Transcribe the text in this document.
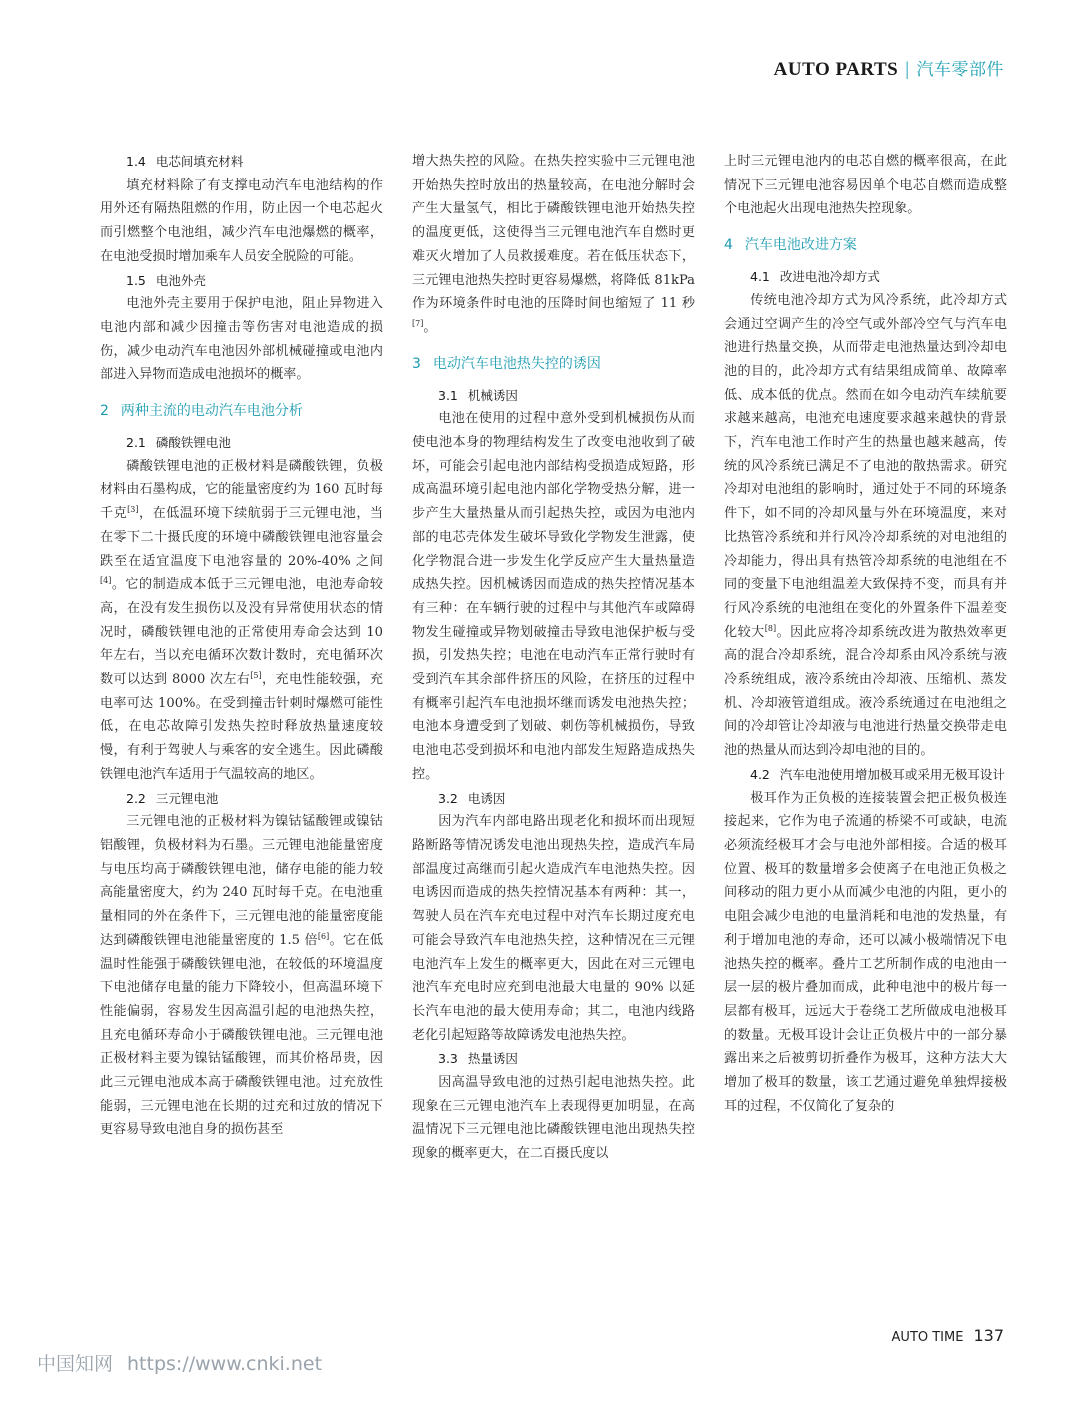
AUTO PARTS | 汽车零部件
1.4 电芯间填充材料

填充材料除了有支撑电动汽车电池结构的作用外还有隔热阻燃的作用，防止因一个电芯起火而引燃整个电池组，减少汽车电池爆燃的概率，在电池受损时增加乘车人员安全脱险的可能。

1.5 电池外壳

电池外壳主要用于保护电池，阻止异物进入电池内部和减少因撞击等伤害对电池造成的损伤，减少电动汽车电池因外部机械碰撞或电池内部进入异物而造成电池损坏的概率。

2 两种主流的电动汽车电池分析
2.1 磷酸铁锂电池

磷酸铁锂电池的正极材料是磷酸铁锂，负极材料由石墨构成，它的能量密度约为 160 瓦时每千克[3]，在低温环境下续航弱于三元锂电池，当在零下二十摄氏度的环境中磷酸铁锂电池容量会跌至在适宜温度下电池容量的 20%-40% 之间[4]。它的制造成本低于三元锂电池，电池寿命较高，在没有发生损伤以及没有异常使用状态的情况时，磷酸铁锂电池的正常使用寿命会达到 10 年左右，当以充电循环次数计数时，充电循环次数可以达到 8000 次左右[5]，充电性能较强，充电率可达 100%。在受到撞击针刺时爆燃可能性低，在电芯故障引发热失控时释放热量速度较慢，有利于驾驶人与乘客的安全逃生。因此磷酸铁锂电池汽车适用于气温较高的地区。

2.2 三元锂电池

三元锂电池的正极材料为镍钴锰酸锂或镍钴铝酸锂，负极材料为石墨。三元锂电池能量密度与电压均高于磷酸铁锂电池，储存电能的能力较高能量密度大，约为 240 瓦时每千克。在电池重量相同的外在条件下，三元锂电池的能量密度能达到磷酸铁锂电池能量密度的 1.5 倍[6]。它在低温时性能强于磷酸铁锂电池，在较低的环境温度下电池储存电量的能力下降较小，但高温环境下性能偏弱，容易发生因高温引起的电池热失控，且充电循环寿命小于磷酸铁锂电池。三元锂电池正极材料主要为镍钴锰酸锂，而其价格昂贵，因此三元锂电池成本高于磷酸铁锂电池。过充放性能弱，三元锂电池在长期的过充和过放的情况下更容易导致电池自身的损伤甚至

增大热失控的风险。在热失控实验中三元锂电池开始热失控时放出的热量较高，在电池分解时会产生大量氢气，相比于磷酸铁锂电池开始热失控的温度更低，这使得当三元锂电池汽车自燃时更难灭火增加了人员救援难度。若在低压状态下，三元锂电池热失控时更容易爆燃，将降低 81kPa 作为环境条件时电池的压降时间也缩短了 11 秒[7]。

3 电动汽车电池热失控的诱因
3.1 机械诱因

电池在使用的过程中意外受到机械损伤从而使电池本身的物理结构发生了改变电池收到了破坏，可能会引起电池内部结构受损造成短路，形成高温环境引起电池内部化学物受热分解，进一步产生大量热量从而引起热失控，或因为电池内部的电芯壳体发生破坏导致化学物发生泄露，使化学物混合进一步发生化学反应产生大量热量造成热失控。因机械诱因而造成的热失控情况基本有三种：在车辆行驶的过程中与其他汽车或障碍物发生碰撞或异物划破撞击导致电池保护板与受损，引发热失控；电池在电动汽车正常行驶时有受到汽车其余部件挤压的风险，在挤压的过程中有概率引起汽车电池损坏继而诱发电池热失控；电池本身遭受到了划破、刺伤等机械损伤，导致电池电芯受到损坏和电池内部发生短路造成热失控。

3.2 电诱因

因为汽车内部电路出现老化和损坏而出现短路断路等情况诱发电池出现热失控，造成汽车局部温度过高继而引起火造成汽车电池热失控。因电诱因而造成的热失控情况基本有两种：其一，驾驶人员在汽车充电过程中对汽车长期过度充电可能会导致汽车电池热失控，这种情况在三元锂电池汽车上发生的概率更大，因此在对三元锂电池汽车充电时应充到电池最大电量的 90% 以延长汽车电池的最大使用寿命；其二，电池内线路老化引起短路等故障诱发电池热失控。

3.3 热量诱因

因高温导致电池的过热引起电池热失控。此现象在三元锂电池汽车上表现得更加明显，在高温情况下三元锂电池比磷酸铁锂电池出现热失控现象的概率更大，在二百摄氏度以

上时三元锂电池内的电芯自燃的概率很高，在此情况下三元锂电池容易因单个电芯自燃而造成整个电池起火出现电池热失控现象。

4 汽车电池改进方案
4.1 改进电池冷却方式

传统电池冷却方式为风冷系统，此冷却方式会通过空调产生的冷空气或外部冷空气与汽车电池进行热量交换，从而带走电池热量达到冷却电池的目的，此冷却方式有结果组成简单、故障率低、成本低的优点。然而在如今电动汽车续航要求越来越高，电池充电速度要求越来越快的背景下，汽车电池工作时产生的热量也越来越高，传统的风冷系统已满足不了电池的散热需求。研究冷却对电池组的影响时，通过处于不同的环境条件下，如不同的冷却风量与外在环境温度，来对比热管冷系统和并行风冷冷却系统的对电池组的冷却能力，得出具有热管冷却系统的电池组在不同的变量下电池组温差大致保持不变，而具有并行风冷系统的电池组在变化的外置条件下温差变化较大[8]。因此应将冷却系统改进为散热效率更高的混合冷却系统，混合冷却系由风冷系统与液冷系统组成，液冷系统由冷却液、压缩机、蒸发机、冷却液管道组成。液冷系统通过在电池组之间的冷却管让冷却液与电池进行热量交换带走电池的热量从而达到冷却电池的目的。

4.2 汽车电池使用增加极耳或采用无极耳设计

极耳作为正负极的连接装置会把正极负极连接起来，它作为电子流通的桥梁不可或缺，电流必须流经极耳才会与电池外部相接。合适的极耳位置、极耳的数量增多会使离子在电池正负极之间移动的阻力更小从而减少电池的内阻，更小的电阻会减少电池的电量消耗和电池的发热量，有利于增加电池的寿命，还可以减小极端情况下电池热失控的概率。叠片工艺所制作成的电池由一层一层的极片叠加而成，此种电池中的极片每一层都有极耳，远远大于卷绕工艺所做成电池极耳的数量。无极耳设计会让正负极片中的一部分暴露出来之后被剪切折叠作为极耳，这种方法大大增加了极耳的数量，该工艺通过避免单独焊接极耳的过程，不仅简化了复杂的

AUTO TIME 137
中国知网 https://www.cnki.net
